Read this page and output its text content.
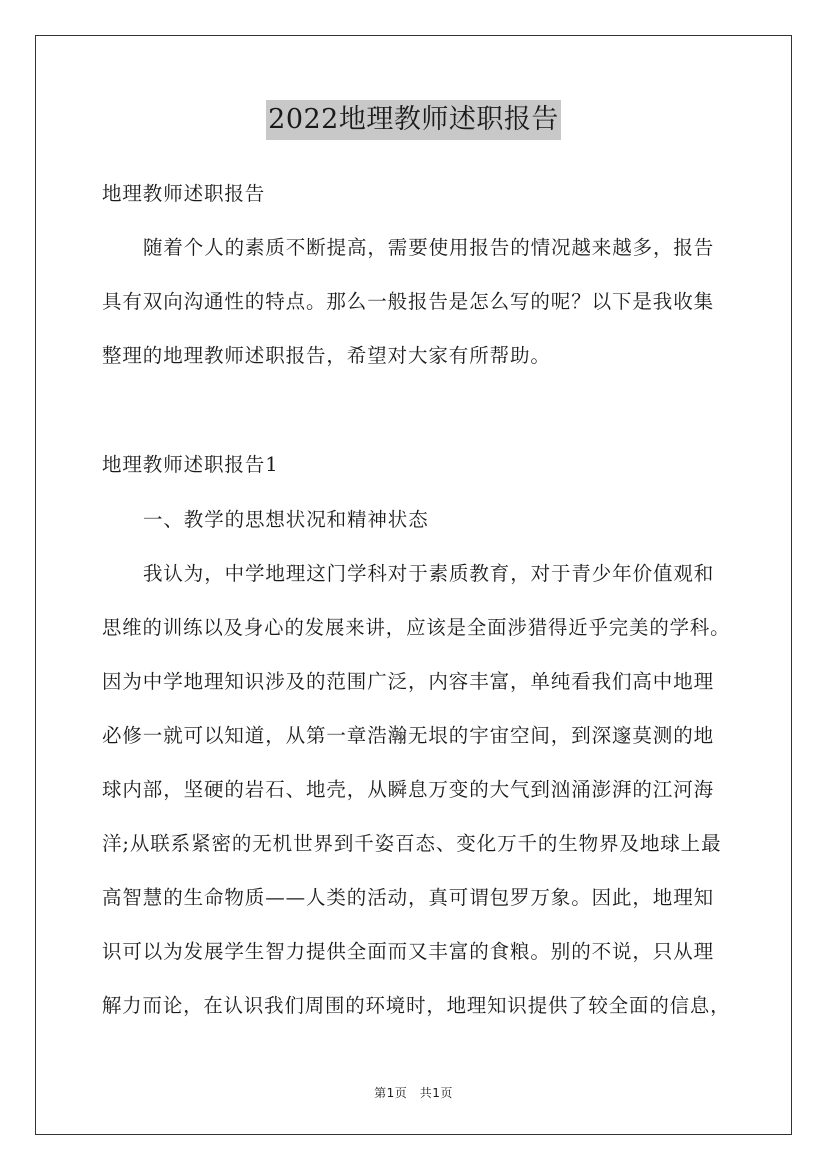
2022地理教师述职报告
地理教师述职报告
随着个人的素质不断提高，需要使用报告的情况越来越多，报告
具有双向沟通性的特点。那么一般报告是怎么写的呢？以下是我收集
整理的地理教师述职报告，希望对大家有所帮助。
地理教师述职报告1
一、教学的思想状况和精神状态
我认为，中学地理这门学科对于素质教育，对于青少年价值观和
思维的训练以及身心的发展来讲，应该是全面涉猎得近乎完美的学科。
因为中学地理知识涉及的范围广泛，内容丰富，单纯看我们高中地理
必修一就可以知道，从第一章浩瀚无垠的宇宙空间，到深邃莫测的地
球内部，坚硬的岩石、地壳，从瞬息万变的大气到汹涌澎湃的江河海
洋;从联系紧密的无机世界到千姿百态、变化万千的生物界及地球上最
高智慧的生命物质——人类的活动，真可谓包罗万象。因此，地理知
识可以为发展学生智力提供全面而又丰富的食粮。别的不说，只从理
解力而论，在认识我们周围的环境时，地理知识提供了较全面的信息，
第1页　共1页
